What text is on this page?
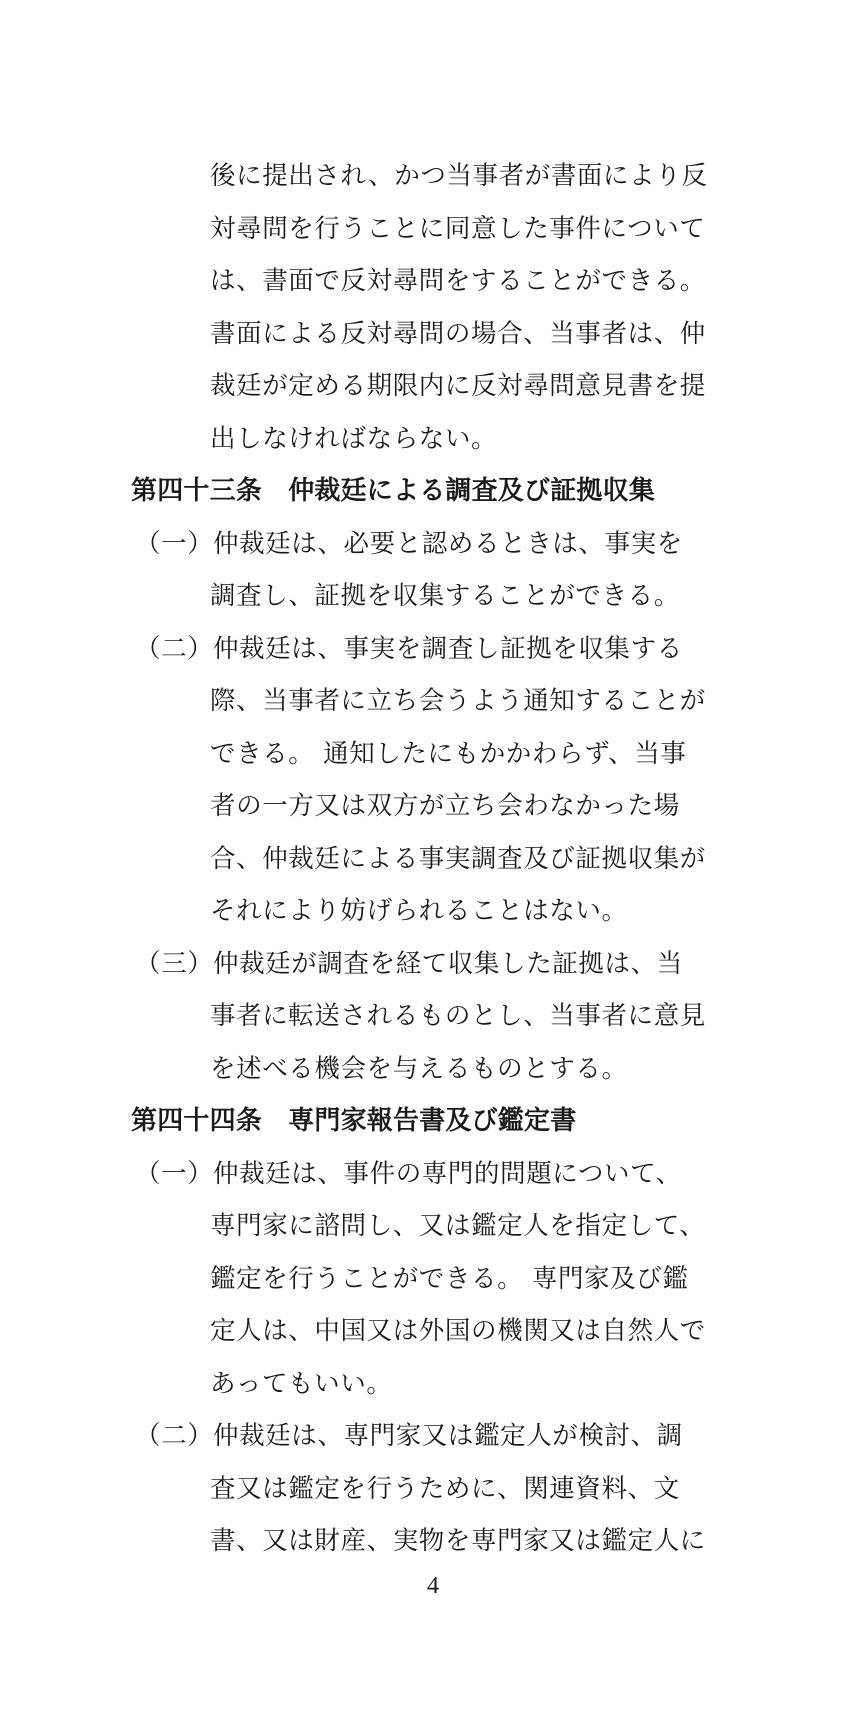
後に提出され、かつ当事者が書面により反
対尋問を行うことに同意した事件について
は、書面で反対尋問をすることができる。
書面による反対尋問の場合、当事者は、仲
裁廷が定める期限内に反対尋問意見書を提
出しなければならない。
第四十三条　仲裁廷による調査及び証拠収集
（一）仲裁廷は、必要と認めるときは、事実を
調査し、証拠を収集することができる。
（二）仲裁廷は、事実を調査し証拠を収集する
際、当事者に立ち会うよう通知することが
できる。 通知したにもかかわらず、当事
者の一方又は双方が立ち会わなかった場
合、仲裁廷による事実調査及び証拠収集が
それにより妨げられることはない。
（三）仲裁廷が調査を経て収集した証拠は、当
事者に転送されるものとし、当事者に意見
を述べる機会を与えるものとする。
第四十四条　専門家報告書及び鑑定書
（一）仲裁廷は、事件の専門的問題について、
専門家に諮問し、又は鑑定人を指定して、
鑑定を行うことができる。 専門家及び鑑
定人は、中国又は外国の機関又は自然人で
あってもいい。
（二）仲裁廷は、専門家又は鑑定人が検討、調
査又は鑑定を行うために、関連資料、文
書、又は財産、実物を専門家又は鑑定人に
4
